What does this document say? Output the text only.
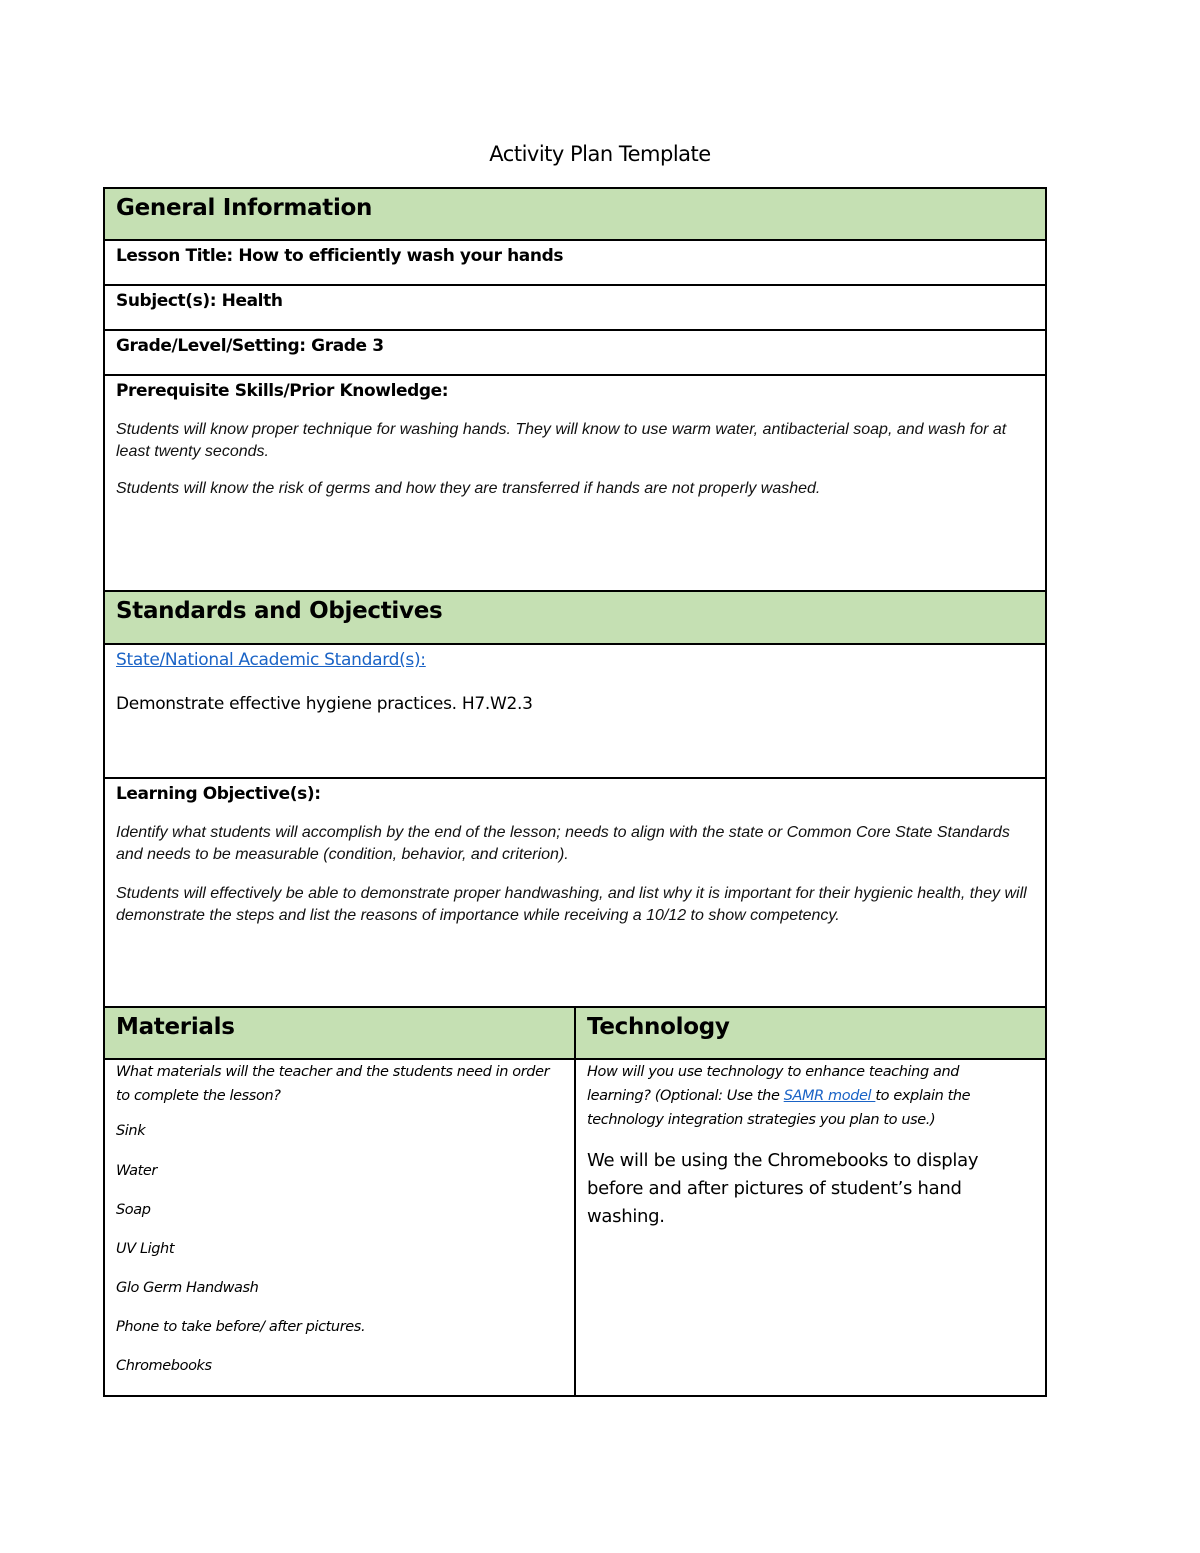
Activity Plan Template
General Information
Lesson Title: How to efficiently wash your hands
Subject(s): Health
Grade/Level/Setting: Grade 3
Prerequisite Skills/Prior Knowledge:

Students will know proper technique for washing hands. They will know to use warm water, antibacterial soap, and wash for at least twenty seconds.

Students will know the risk of germs and how they are transferred if hands are not properly washed.

Standards and Objectives

State/National Academic Standard(s):

Demonstrate effective hygiene practices. H7.W2.3

Learning Objective(s):

Identify what students will accomplish by the end of the lesson; needs to align with the state or Common Core State Standards and needs to be measurable (condition, behavior, and criterion).

Students will effectively be able to demonstrate proper handwashing, and list why it is important for their hygienic health, they will demonstrate the steps and list the reasons of importance while receiving a 10/12 to show competency.

Materials	Technology

What materials will the teacher and the students need in order to complete the lesson?

Sink

Water

Soap

UV Light

Glo Germ Handwash

Phone to take before/ after pictures.

Chromebooks

How will you use technology to enhance teaching and learning? (Optional: Use the SAMR model to explain the technology integration strategies you plan to use.)

We will be using the Chromebooks to display before and after pictures of student’s hand washing.
